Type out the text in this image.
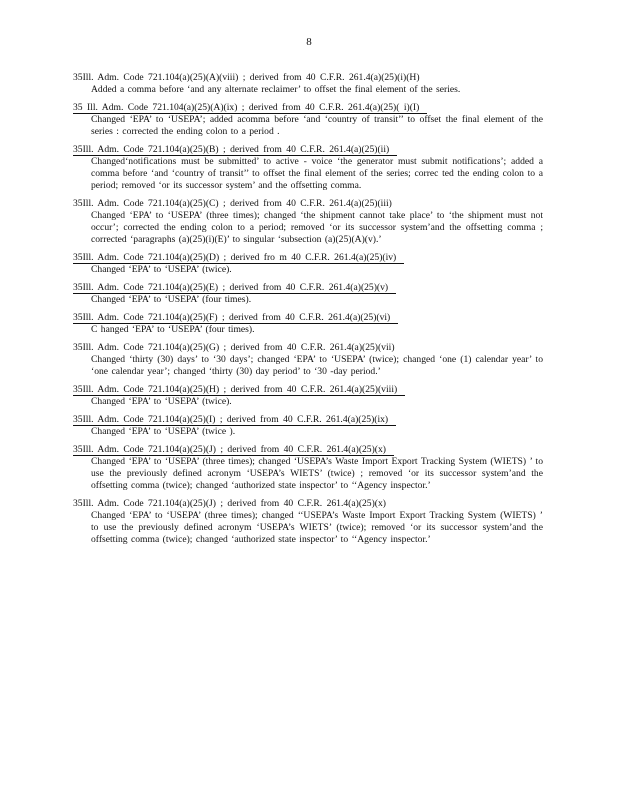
8
35Ill. Adm. Code 721.104(a)(25)(A)(viii) ; derived from 40 C.F.R. 261.4(a)(25)(i)(H)
Added a comma before ‘and any alternate reclaimer’ to offset the final element of the series.
35 Ill. Adm. Code 721.104(a)(25)(A)(ix) ; derived from 40 C.F.R. 261.4(a)(25)( i)(I)
Changed ‘EPA’ to ‘USEPA’; added acomma before ‘and ‘country of transit’’ to offset the final element of the series : corrected the ending colon to a period .
35Ill. Adm. Code 721.104(a)(25)(B) ; derived from 40 C.F.R. 261.4(a)(25)(ii)
Changed‘notifications must be submitted’ to active - voice ‘the generator must submit notifications’; added a comma before ‘and ‘country of transit’’ to offset the final element of the series; correc ted the ending colon to a period; removed ‘or its successor system’ and the offsetting comma.
35Ill. Adm. Code 721.104(a)(25)(C) ; derived from 40 C.F.R. 261.4(a)(25)(iii)
Changed ‘EPA’ to ‘USEPA’ (three times); changed ‘the shipment cannot take place’ to ‘the shipment must not occur’; corrected the ending colon to a period; removed ‘or its successor system’and the offsetting comma ; corrected ‘paragraphs (a)(25)(i)(E)’ to singular ‘subsection (a)(25)(A)(v).’
35Ill. Adm. Code 721.104(a)(25)(D) ; derived fro m 40 C.F.R. 261.4(a)(25)(iv)
Changed ‘EPA’ to ‘USEPA’ (twice).
35Ill. Adm. Code 721.104(a)(25)(E) ; derived from 40 C.F.R. 261.4(a)(25)(v)
Changed ‘EPA’ to ‘USEPA’ (four times).
35Ill. Adm. Code 721.104(a)(25)(F) ; derived from 40 C.F.R. 261.4(a)(25)(vi)
C hanged ‘EPA’ to ‘USEPA’ (four times).
35Ill. Adm. Code 721.104(a)(25)(G) ; derived from 40 C.F.R. 261.4(a)(25)(vii)
Changed ‘thirty (30) days’ to ‘30 days’; changed ‘EPA’ to ‘USEPA’ (twice); changed ‘one (1) calendar year’ to ‘one calendar year’; changed ‘thirty (30) day period’ to ‘30 -day period.’
35Ill. Adm. Code 721.104(a)(25)(H) ; derived from 40 C.F.R. 261.4(a)(25)(viii)
Changed ‘EPA’ to ‘USEPA’ (twice).
35Ill. Adm. Code 721.104(a)(25)(I) ; derived from 40 C.F.R. 261.4(a)(25)(ix)
Changed ‘EPA’ to ‘USEPA’ (twice ).
35Ill. Adm. Code 721.104(a)(25)(J) ; derived from 40 C.F.R. 261.4(a)(25)(x)
Changed ‘EPA’ to ‘USEPA’ (three times); changed ‘USEPA’s Waste Import Export Tracking System (WIETS) ’ to use the previously defined acronym ‘USEPA’s WIETS’ (twice) ; removed ‘or its successor system’and the offsetting comma (twice); changed ‘authorized state inspector’ to ‘‘Agency inspector.’
35Ill. Adm. Code 721.104(a)(25)(J) ; derived from 40 C.F.R. 261.4(a)(25)(x)
Changed ‘EPA’ to ‘USEPA’ (three times); changed ‘‘USEPA’s Waste Import Export Tracking System (WIETS) ’ to use the previously defined acronym ‘USEPA’s WIETS’ (twice); removed ‘or its successor system’and the offsetting comma (twice); changed ‘authorized state inspector’ to ‘‘Agency inspector.’
